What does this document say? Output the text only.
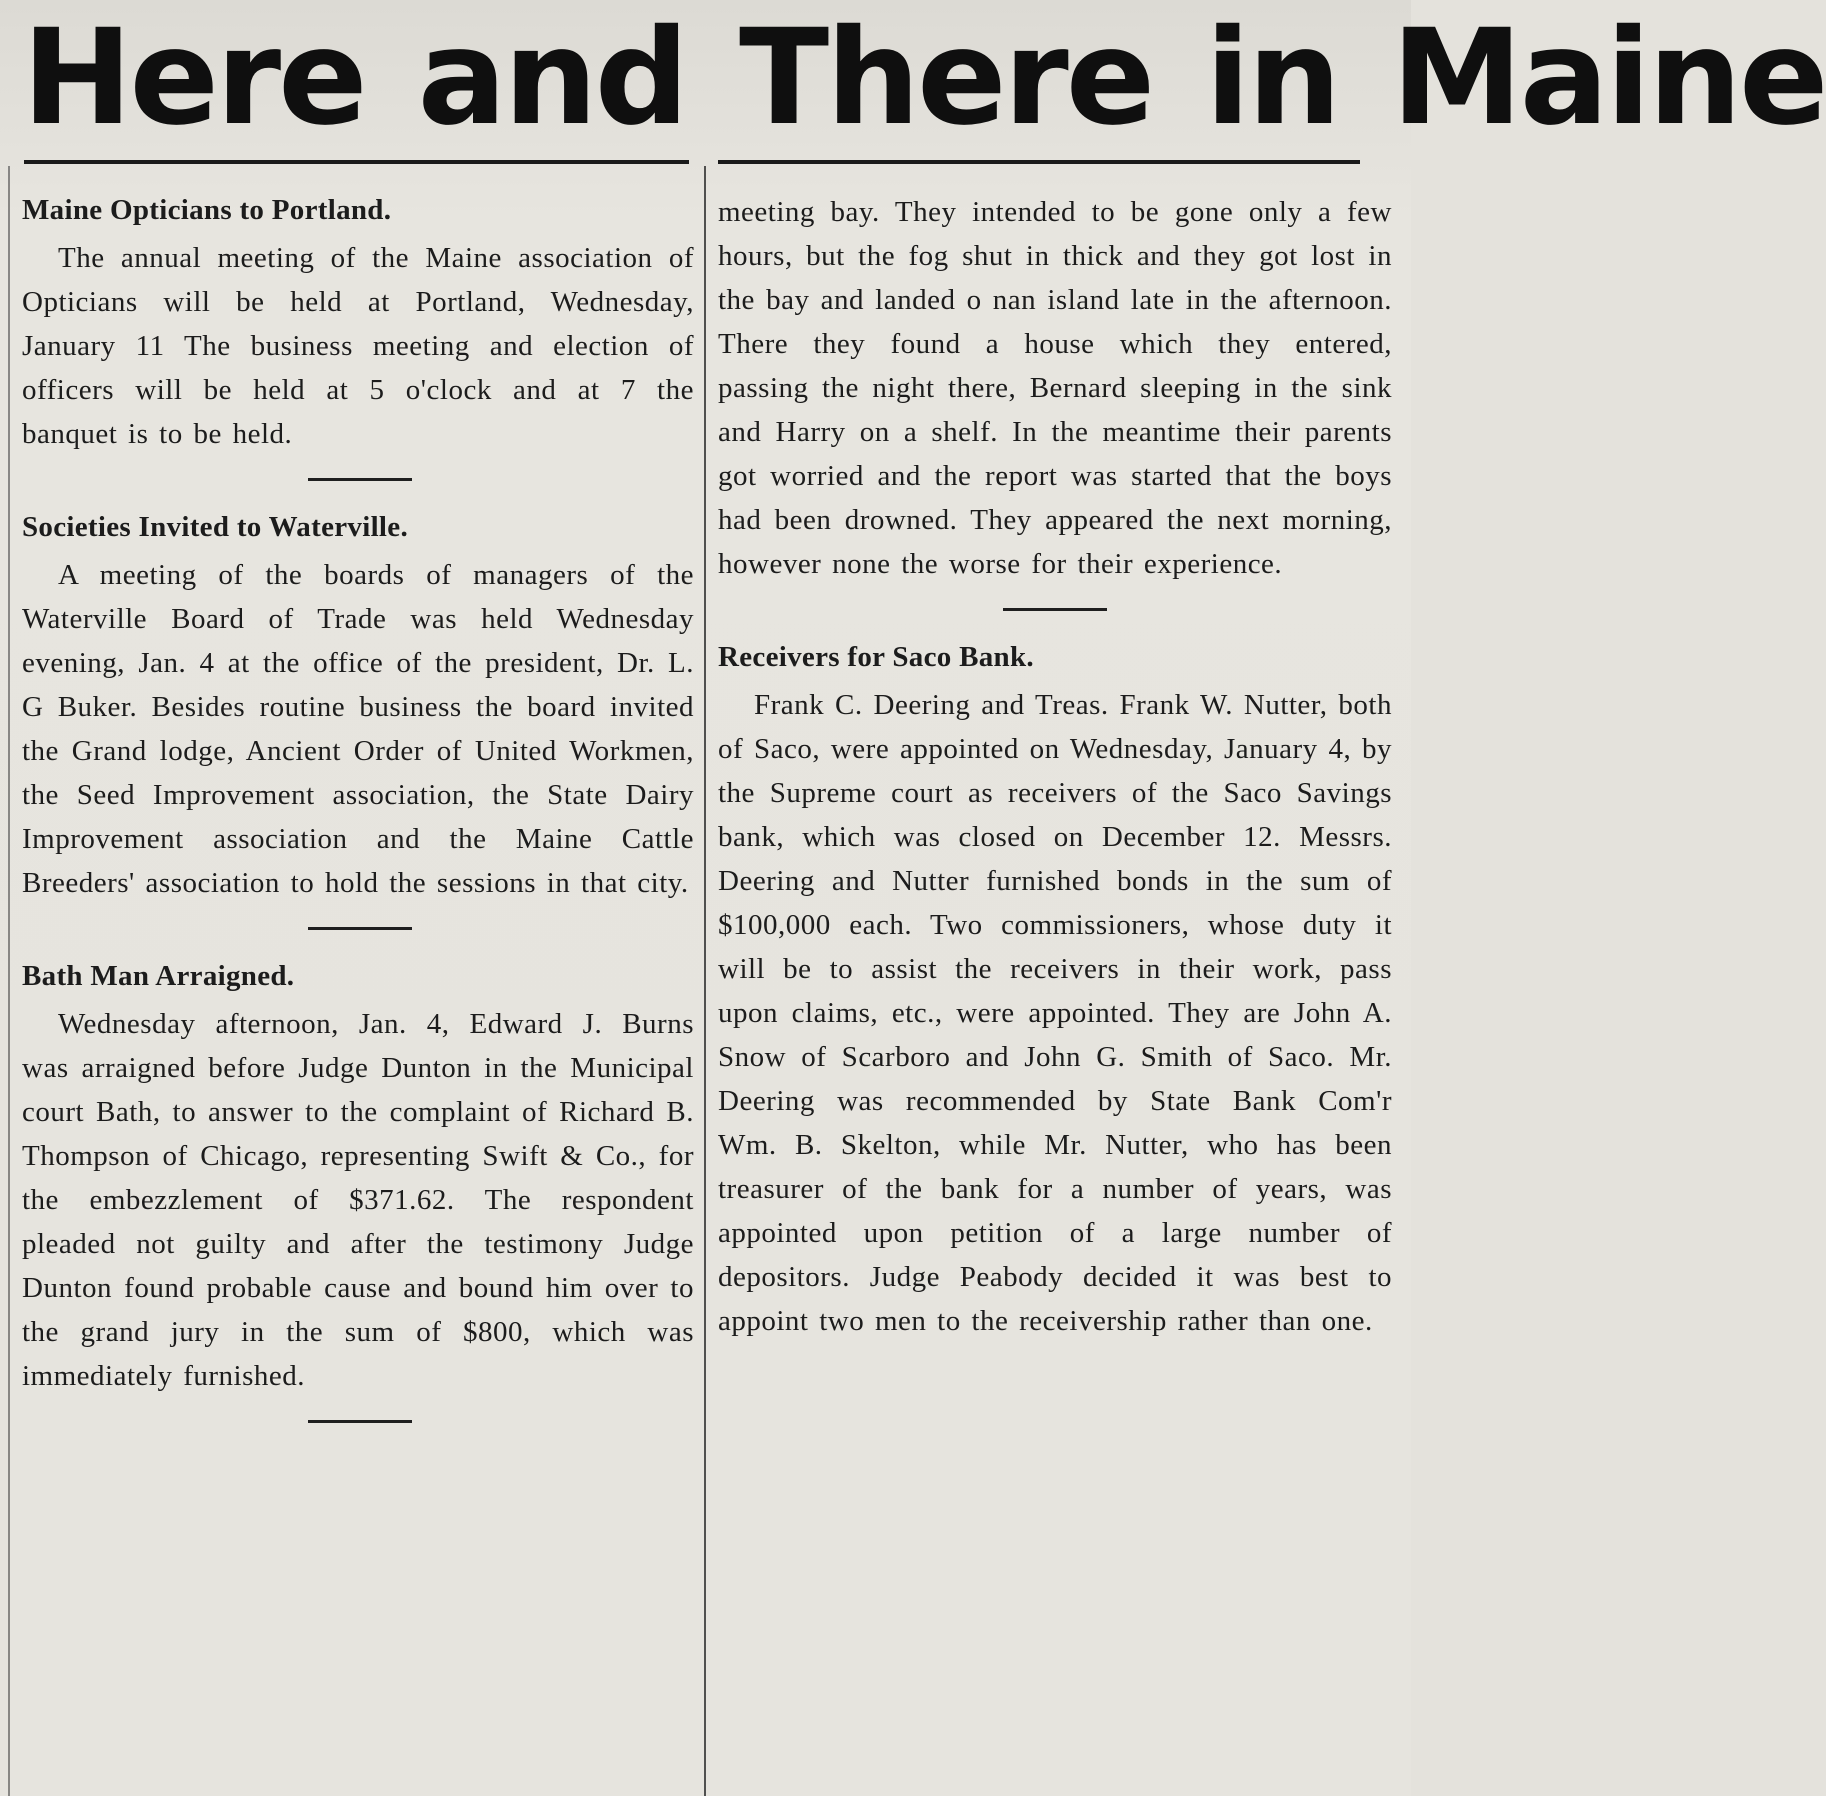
Here and There in Maine
Maine Opticians to Portland.

The annual meeting of the Maine association of Opticians will be held at Portland, Wednesday, January 11 The business meeting and election of officers will be held at 5 o'clock and at 7 the banquet is to be held.

Societies Invited to Waterville.

A meeting of the boards of managers of the Waterville Board of Trade was held Wednesday evening, Jan. 4 at the office of the president, Dr. L. G Buker. Besides routine business the board invited the Grand lodge, Ancient Order of United Workmen, the Seed Improvement association, the State Dairy Improvement association and the Maine Cattle Breeders' association to hold the sessions in that city.

Bath Man Arraigned.

Wednesday afternoon, Jan. 4, Edward J. Burns was arraigned before Judge Dunton in the Municipal court Bath, to answer to the complaint of Richard B. Thompson of Chicago, representing Swift & Co., for the embezzlement of $371.62. The respondent pleaded not guilty and after the testimony Judge Dunton found probable cause and bound him over to the grand jury in the sum of $800, which was immediately furnished.

meeting bay. They intended to be gone only a few hours, but the fog shut in thick and they got lost in the bay and landed o nan island late in the afternoon. There they found a house which they entered, passing the night there, Bernard sleeping in the sink and Harry on a shelf. In the meantime their parents got worried and the report was started that the boys had been drowned. They appeared the next morning, however none the worse for their experience.

Receivers for Saco Bank.

Frank C. Deering and Treas. Frank W. Nutter, both of Saco, were appointed on Wednesday, January 4, by the Supreme court as receivers of the Saco Savings bank, which was closed on December 12. Messrs. Deering and Nutter furnished bonds in the sum of $100,000 each. Two commissioners, whose duty it will be to assist the receivers in their work, pass upon claims, etc., were appointed. They are John A. Snow of Scarboro and John G. Smith of Saco. Mr. Deering was recommended by State Bank Com'r Wm. B. Skelton, while Mr. Nutter, who has been treasurer of the bank for a number of years, was appointed upon petition of a large number of depositors. Judge Peabody decided it was best to appoint two men to the receivership rather than one.
